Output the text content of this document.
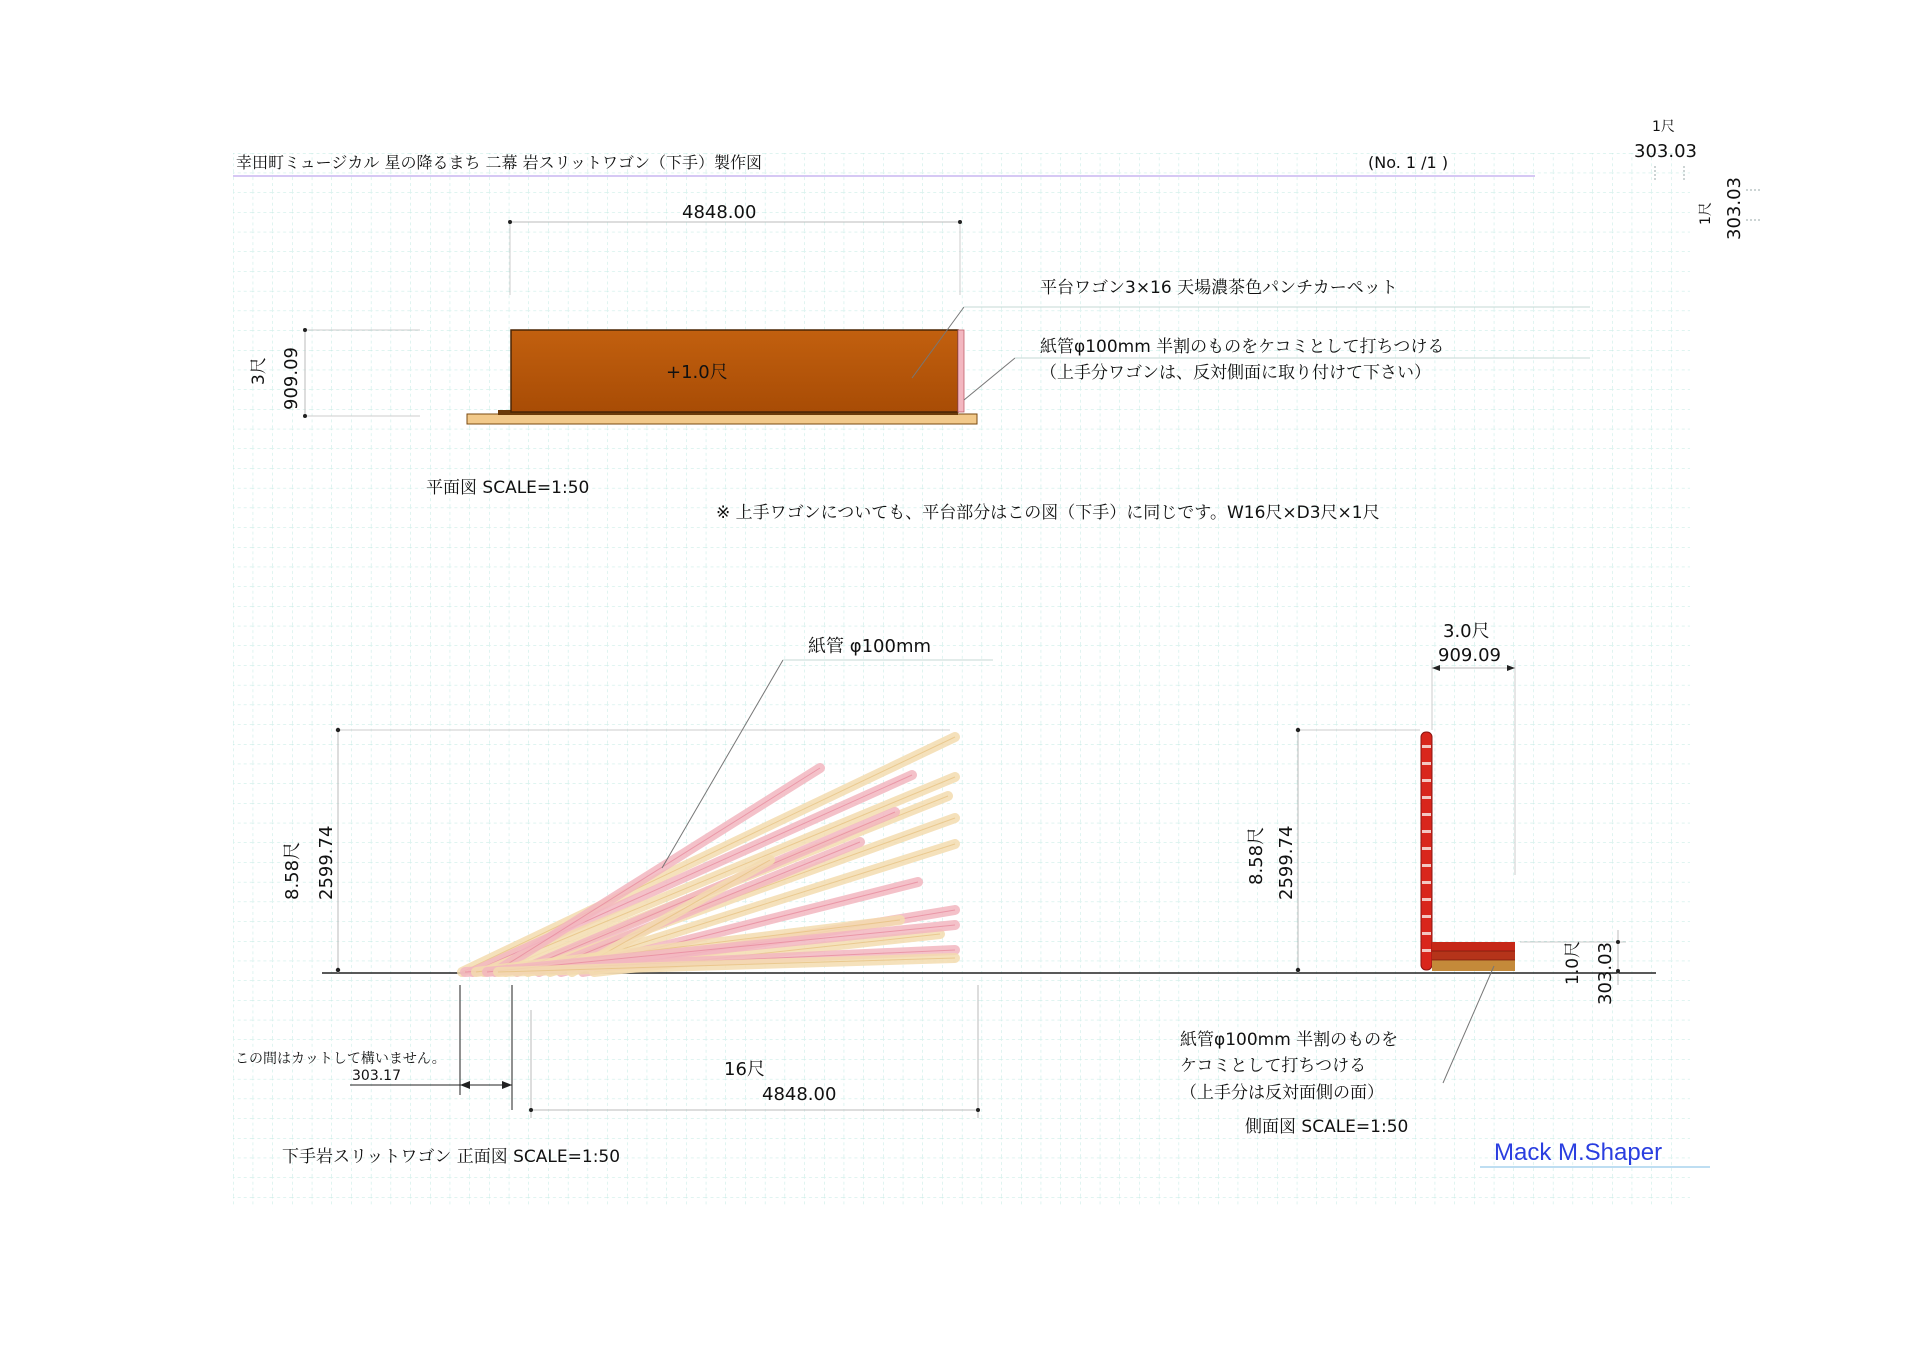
幸田町ミュージカル 星の降るまち 二幕 岩スリットワゴン（下手）製作図	(No. 1 /1 )
1尺
303.03
1尺 303.03
4848.00
3尺 909.09	+1.0尺
平台ワゴン3×16 天場濃茶色パンチカーペット
紙管φ100mm 半割のものをケコミとして打ちつける
（上手分ワゴンは、反対側面に取り付けて下さい）
平面図 SCALE=1:50
※ 上手ワゴンについても、平台部分はこの図（下手）に同じです。W16尺×D3尺×1尺
8.58尺 2599.74
紙管 φ100mm
この間はカットして構いません。
303.17	16尺
4848.00
下手岩スリットワゴン 正面図 SCALE=1:50
8.58尺 2599.74
3.0尺
909.09
1.0尺 303.03
紙管φ100mm 半割のものを
ケコミとして打ちつける
（上手分は反対面側の面）
側面図 SCALE=1:50
Mack M.Shaper
